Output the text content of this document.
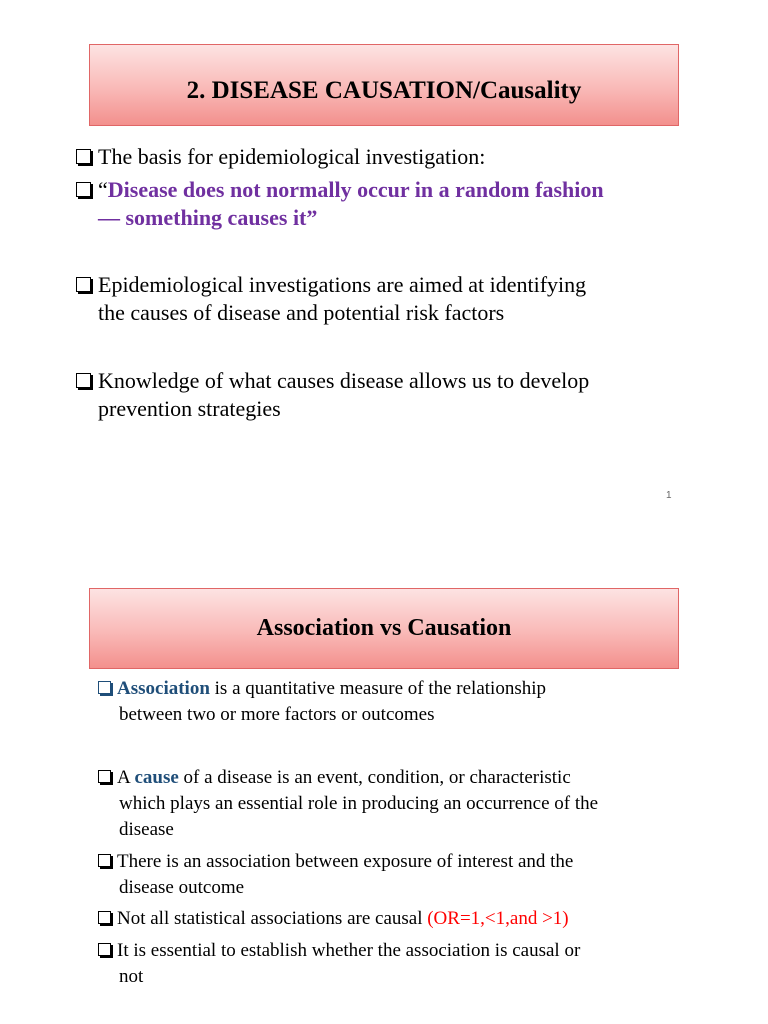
2. DISEASE CAUSATION/Causality
The basis for epidemiological investigation:
“Disease does not normally occur in a random fashion
— something causes it”
Epidemiological investigations are aimed at identifying
the causes of disease and potential risk factors
Knowledge of what causes disease allows us to develop
prevention strategies
1
Association vs Causation
Association is a quantitative measure of the relationship
between two or more factors or outcomes
A cause of a disease is an event, condition, or characteristic
which plays an essential role in producing an occurrence of the
disease
There is an association between exposure of interest and the
disease outcome
Not all statistical associations are causal (OR=1,<1,and >1)
It is essential to establish whether the association is causal or
not
